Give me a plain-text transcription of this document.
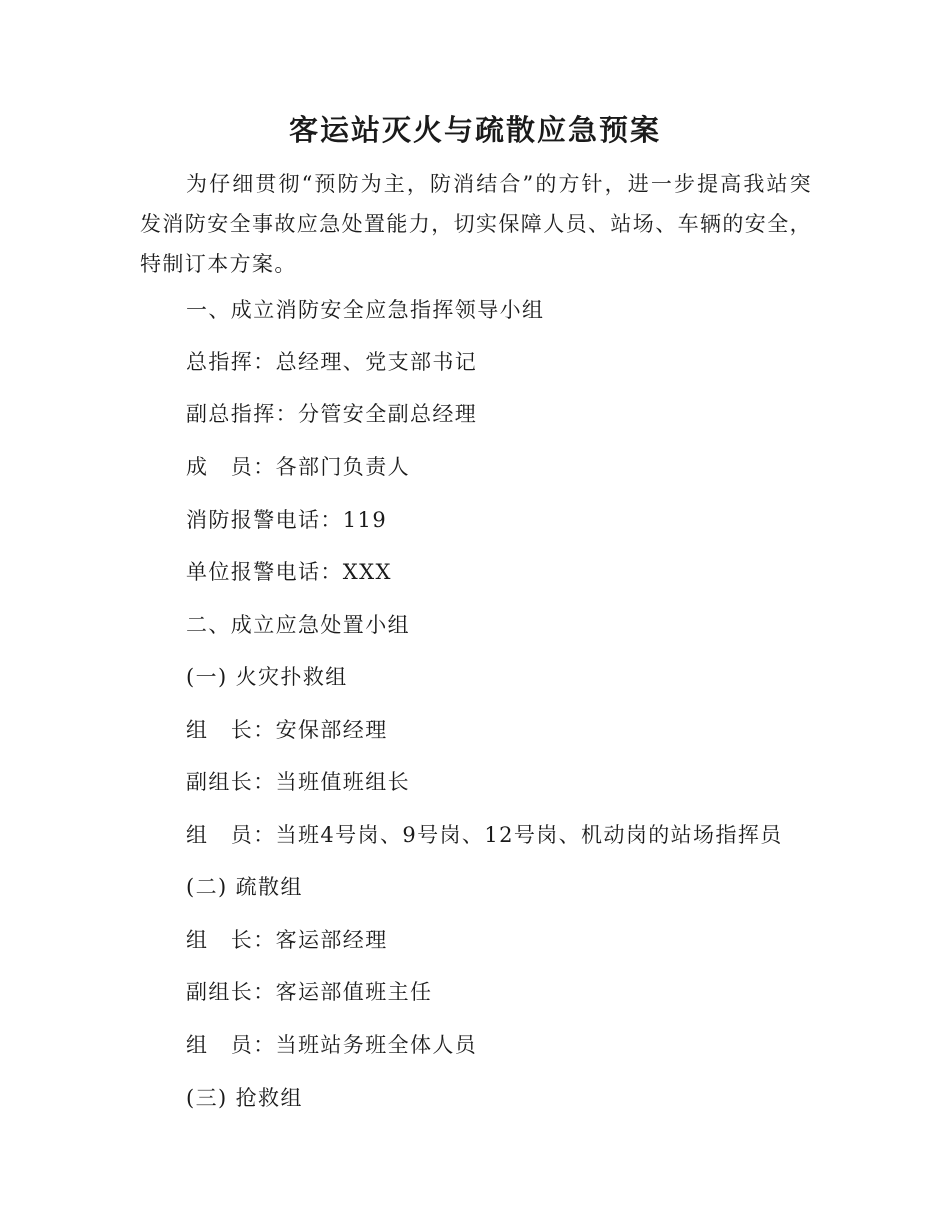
客运站灭火与疏散应急预案

为仔细贯彻“预防为主，防消结合”的方针，进一步提高我站突发消防安全事故应急处置能力，切实保障人员、站场、车辆的安全，特制订本方案。

一、成立消防安全应急指挥领导小组

总指挥：总经理、党支部书记

副总指挥：分管安全副总经理

成　员：各部门负责人

消防报警电话：119

单位报警电话：XXX

二、成立应急处置小组

(一) 火灾扑救组

组　长：安保部经理

副组长：当班值班组长

组　员：当班4号岗、9号岗、12号岗、机动岗的站场指挥员

(二) 疏散组

组　长：客运部经理

副组长：客运部值班主任

组　员：当班站务班全体人员

(三) 抢救组
